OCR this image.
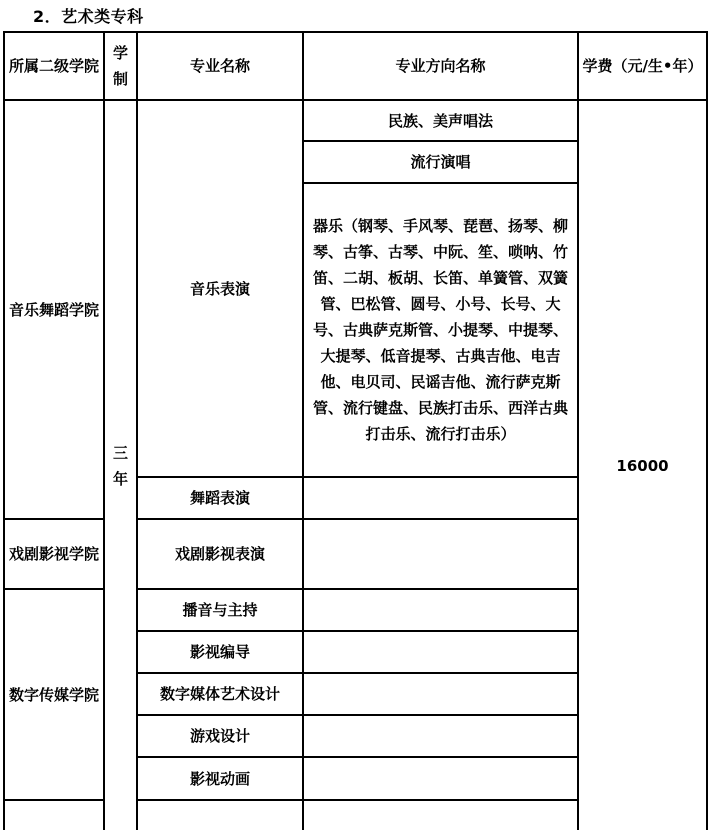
2．艺术类专科
所属二级学院	学制	专业名称	专业方向名称	学费（元/生•年）
音乐舞蹈学院	三年	音乐表演	民族、美声唱法	16000
			流行演唱	
			器乐（钢琴、手风琴、琵琶、扬琴、柳琴、古筝、古琴、中阮、笙、唢呐、竹笛、二胡、板胡、长笛、单簧管、双簧管、巴松管、圆号、小号、长号、大号、古典萨克斯管、小提琴、中提琴、大提琴、低音提琴、古典吉他、电吉他、电贝司、民谣吉他、流行萨克斯管、流行键盘、民族打击乐、西洋古典打击乐、流行打击乐）	
		舞蹈表演		
戏剧影视学院		戏剧影视表演		
数字传媒学院		播音与主持		
		影视编导		
		数字媒体艺术设计		
		游戏设计		
		影视动画		
